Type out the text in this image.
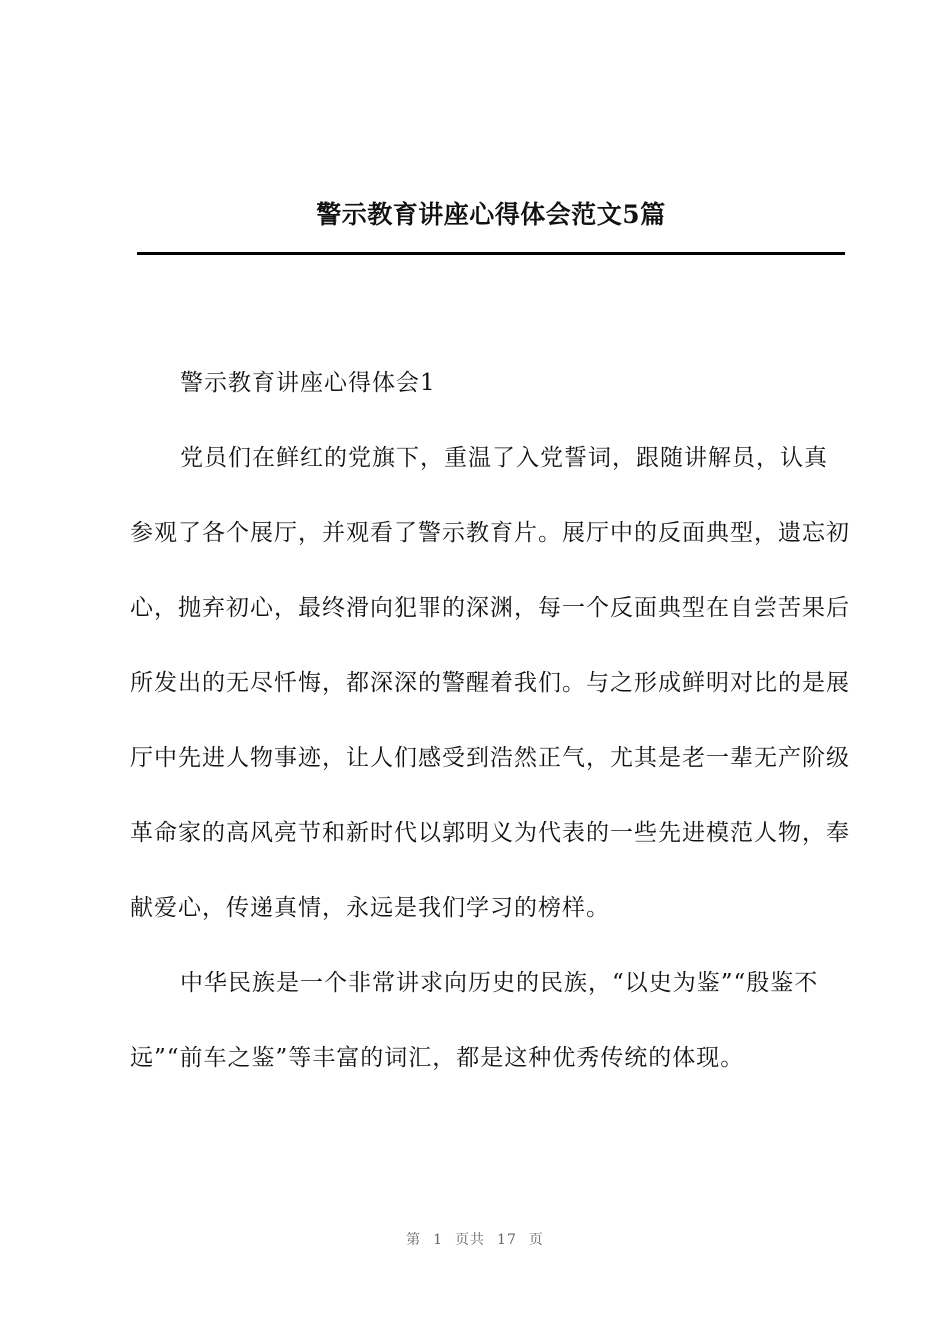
警示教育讲座心得体会范文5篇

警示教育讲座心得体会1

党员们在鲜红的党旗下，重温了入党誓词，跟随讲解员，认真参观了各个展厅，并观看了警示教育片。展厅中的反面典型，遗忘初心，抛弃初心，最终滑向犯罪的深渊，每一个反面典型在自尝苦果后所发出的无尽忏悔，都深深的警醒着我们。与之形成鲜明对比的是展厅中先进人物事迹，让人们感受到浩然正气，尤其是老一辈无产阶级革命家的高风亮节和新时代以郭明义为代表的一些先进模范人物，奉献爱心，传递真情，永远是我们学习的榜样。

中华民族是一个非常讲求向历史的民族，“以史为鉴”“殷鉴不远”“前车之鉴”等丰富的词汇，都是这种优秀传统的体现。

第 1 页共 17 页
